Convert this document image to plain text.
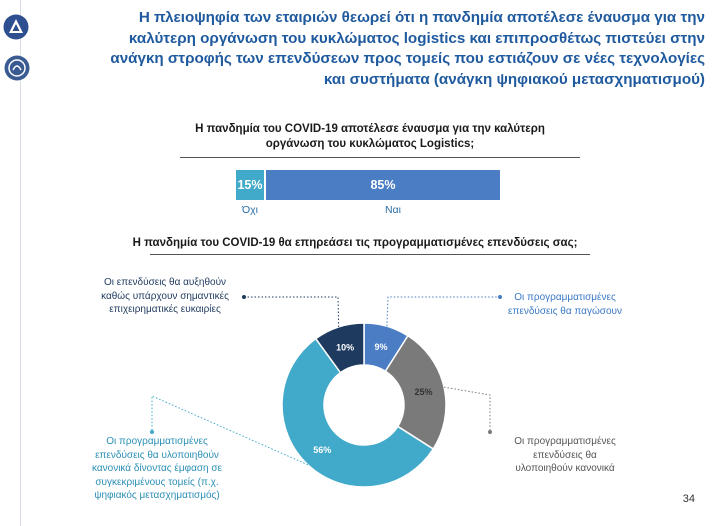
Η πλειοψηφία των εταιριών θεωρεί ότι η πανδημία αποτέλεσε έναυσμα για την καλύτερη οργάνωση του κυκλώματος logistics και επιπροσθέτως πιστεύει στην ανάγκη στροφής των επενδύσεων προς τομείς που εστιάζουν σε νέες τεχνολογίες και συστήματα (ανάγκη ψηφιακού μετασχηματισμού)
Η πανδημία του COVID-19 αποτέλεσε έναυσμα για την καλύτερη
οργάνωση του κυκλώματος Logistics;
15%	85%
Όχι	Ναι
Η πανδημία του COVID-19 θα επηρεάσει τις προγραμματισμένες επενδύσεις σας;
9%
25%
56%
10%
Οι επενδύσεις θα αυξηθούν
καθώς υπάρχουν σημαντικές
επιχειρηματικές ευκαιρίες
Οι προγραμματισμένες
επενδύσεις θα παγώσουν
Οι προγραμματισμένες
επενδύσεις θα
υλοποιηθούν κανονικά
Οι προγραμματισμένες
επενδύσεις θα υλοποιηθούν
κανονικά δίνοντας έμφαση σε
συγκεκριμένους τομείς (π.χ.
ψηφιακός μετασχηματισμός)	34
